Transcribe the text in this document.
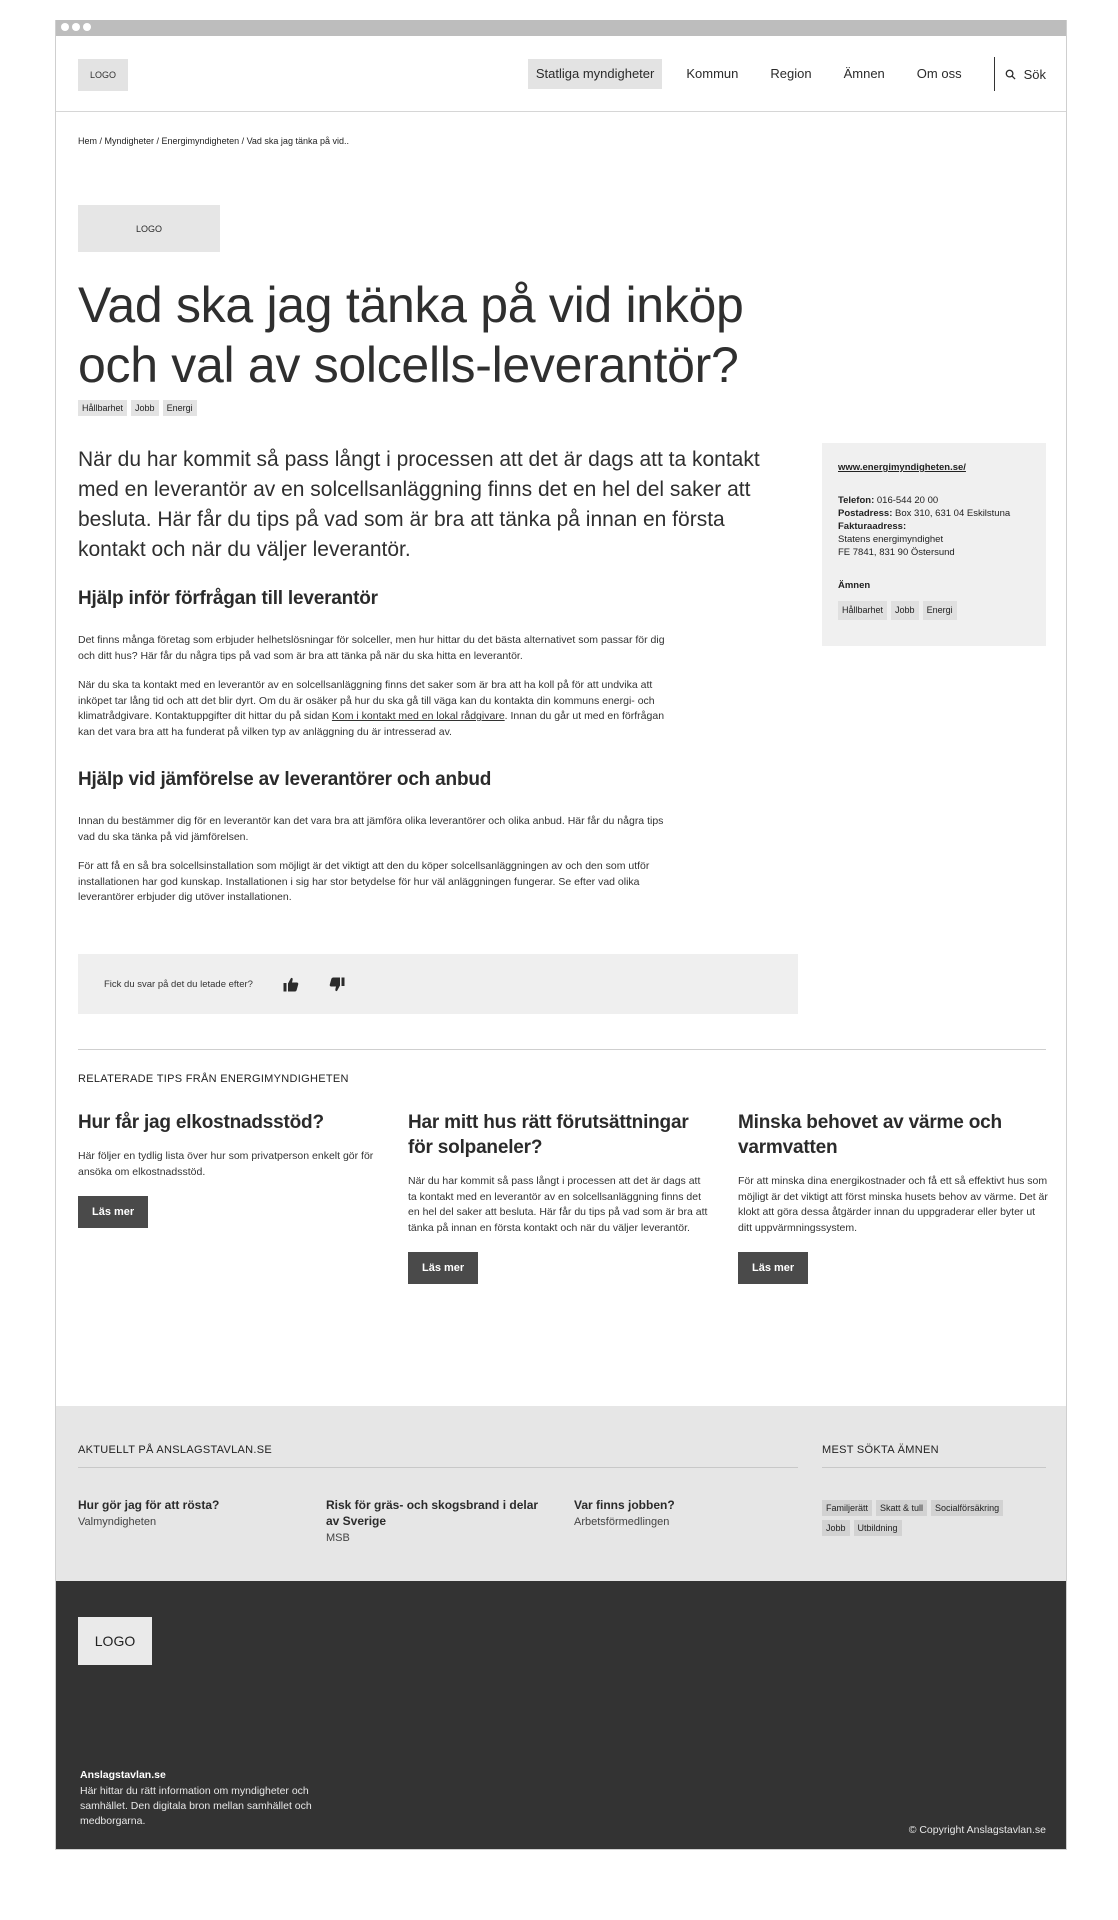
LOGO	Statliga myndigheter	Kommun	Region	Ämnen	Om oss	Sök
Hem / Myndigheter / Energimyndigheten / Vad ska jag tänka på vid..
LOGO
Vad ska jag tänka på vid inköp
och val av solcells-leverantör?
Hållbarhet	Jobb	Energi

När du har kommit så pass långt i processen att det är dags att ta kontakt med en leverantör av en solcellsanläggning finns det en hel del saker att besluta. Här får du tips på vad som är bra att tänka på innan en första kontakt och när du väljer leverantör.

Hjälp inför förfrågan till leverantör

Det finns många företag som erbjuder helhetslösningar för solceller, men hur hittar du det bästa alternativet som passar för dig och ditt hus? Här får du några tips på vad som är bra att tänka på när du ska hitta en leverantör.

När du ska ta kontakt med en leverantör av en solcellsanläggning finns det saker som är bra att ha koll på för att undvika att inköpet tar lång tid och att det blir dyrt. Om du är osäker på hur du ska gå till väga kan du kontakta din kommuns energi- och klimatrådgivare. Kontaktuppgifter dit hittar du på sidan Kom i kontakt med en lokal rådgivare. Innan du går ut med en förfrågan kan det vara bra att ha funderat på vilken typ av anläggning du är intresserad av.

Hjälp vid jämförelse av leverantörer och anbud

Innan du bestämmer dig för en leverantör kan det vara bra att jämföra olika leverantörer och olika anbud. Här får du några tips vad du ska tänka på vid jämförelsen.

För att få en så bra solcellsinstallation som möjligt är det viktigt att den du köper solcellsanläggningen av och den som utför installationen har god kunskap. Installationen i sig har stor betydelse för hur väl anläggningen fungerar. Se efter vad olika leverantörer erbjuder dig utöver installationen.

Fick du svar på det du letade efter?
www.energimyndigheten.se/
Telefon: 016-544 20 00
Postadress: Box 310, 631 04 Eskilstuna
Fakturaadress:
Statens energimyndighet
FE 7841, 831 90 Östersund
Ämnen
Hållbarhet	Jobb	Energi
RELATERADE TIPS FRÅN ENERGIMYNDIGHETEN
Hur får jag elkostnadsstöd?

Här följer en tydlig lista över hur som privatperson enkelt gör för ansöka om elkostnadsstöd.

Läs mer
Har mitt hus rätt förutsättningar för solpaneler?

När du har kommit så pass långt i processen att det är dags att ta kontakt med en leverantör av en solcellsanläggning finns det en hel del saker att besluta. Här får du tips på vad som är bra att tänka på innan en första kontakt och när du väljer leverantör.

Läs mer
Minska behovet av värme och varmvatten

För att minska dina energikostnader och få ett så effektivt hus som möjligt är det viktigt att först minska husets behov av värme. Det är klokt att göra dessa åtgärder innan du uppgraderar eller byter ut ditt uppvärmningssystem.

Läs mer
AKTUELLT PÅ ANSLAGSTAVLAN.SE
Hur gör jag för att rösta?
Valmyndigheten
Risk för gräs- och skogsbrand i delar av Sverige
MSB
Var finns jobben?
Arbetsförmedlingen
MEST SÖKTA ÄMNEN
Familjerätt	Skatt & tull	Socialförsäkring
Jobb	Utbildning
LOGO
Anslagstavlan.se
Här hittar du rätt information om myndigheter och samhället. Den digitala bron mellan samhället och medborgarna.
© Copyright Anslagstavlan.se
